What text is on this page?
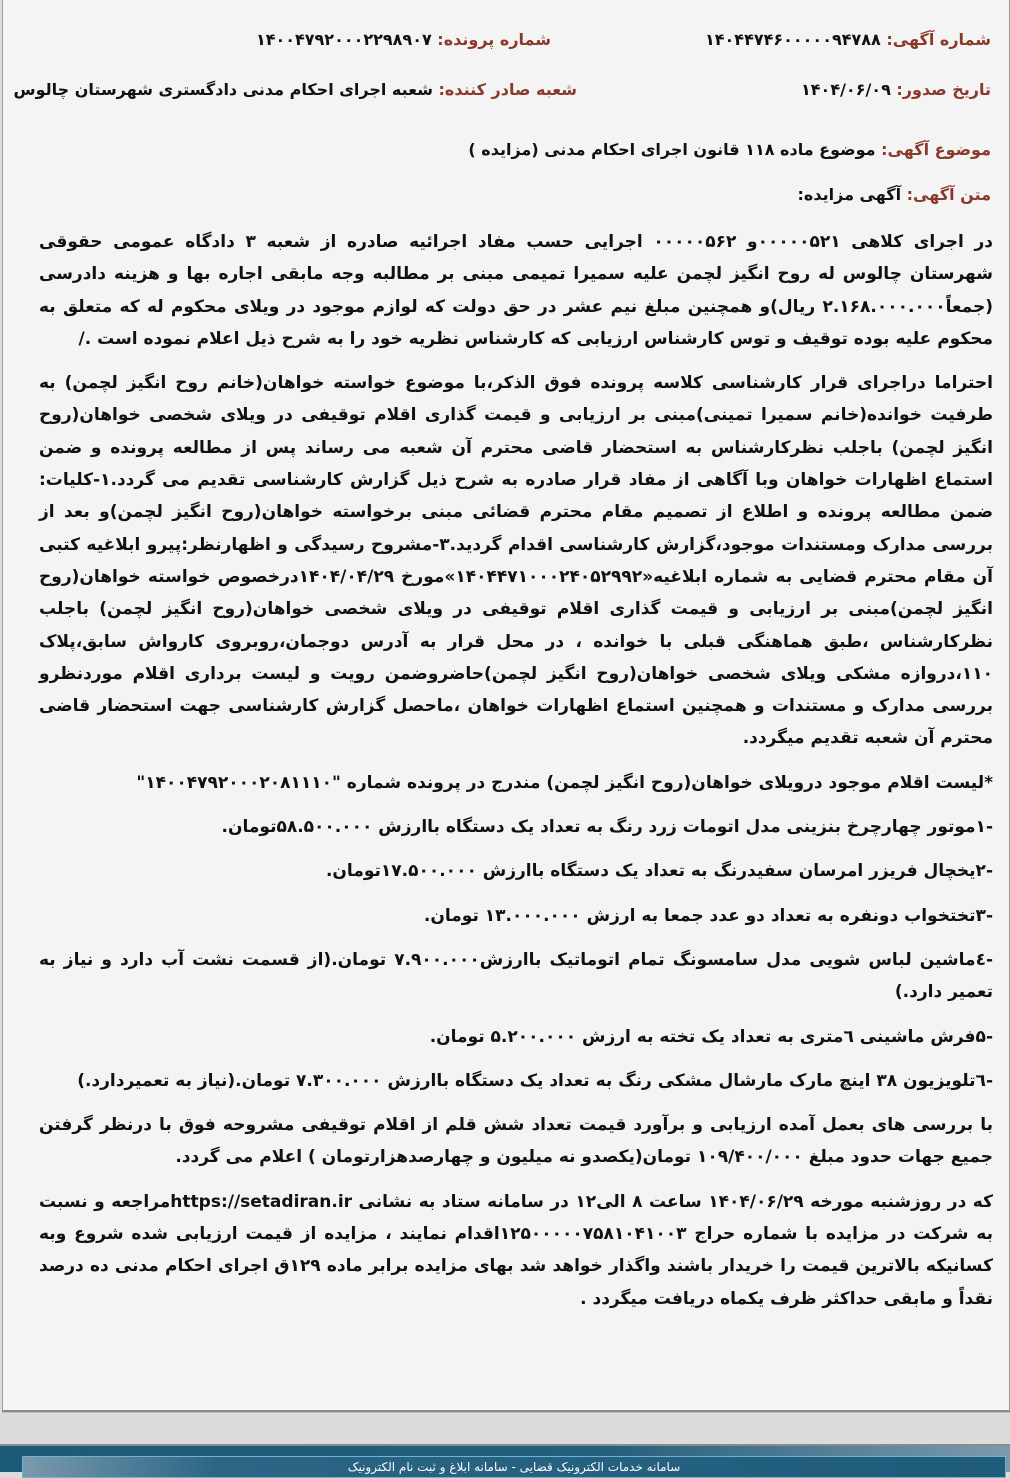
شماره آگهی: ۱۴۰۴۴۷۴۶۰۰۰۰۰۹۴۷۸۸
شماره پرونده: ۱۴۰۰۴۷۹۲۰۰۰۲۲۹۸۹۰۷
تاریخ صدور: ۱۴۰۴/۰۶/۰۹
شعبه صادر کننده: شعبه اجرای احکام مدنی دادگستری شهرستان چالوس
موضوع آگهی: موضوع ماده ۱۱۸ قانون اجرای احکام مدنی (مزایده )
متن آگهی: آگهی مزایده:

در اجرای کلاهی ۰۰۰۰۰۵۲۱و ۰۰۰۰۰۵۶۲ اجرایی حسب مفاد اجرائیه صادره از شعبه ۳ دادگاه عمومی حقوقی شهرستان چالوس له روح انگیز لچمن علیه سمیرا تمیمی مبنی بر مطالبه وجه مابقی اجاره بها و هزینه دادرسی (جمعاً۲.۱۶۸.۰۰۰.۰۰۰ ریال)و همچنین مبلغ نیم عشر در حق دولت که لوازم موجود در ویلای محکوم له که متعلق به محکوم علیه بوده توقیف و توس کارشناس ارزیابی که کارشناس نظریه خود را به شرح ذیل اعلام نموده است ./

احتراما دراجرای قرار کارشناسی کلاسه پرونده فوق الذکر،با موضوع خواسته خواهان(خانم روح انگیز لچمن) به طرفیت خوانده(خانم سمیرا تمینی)مبنی بر ارزیابی و قیمت گذاری اقلام توقیفی در ویلای شخصی خواهان(روح انگیز لچمن) باجلب نظرکارشناس به استحضار قاضی محترم آن شعبه می رساند پس از مطالعه پرونده و ضمن استماع اظهارات خواهان وبا آگاهی از مفاد قرار صادره به شرح ذیل گزارش کارشناسی تقدیم می گردد.۱-کلیات: ضمن مطالعه پرونده و اطلاع از تصمیم مقام محترم قضائی مبنی برخواسته خواهان(روح انگیز لچمن)و بعد از بررسی مدارک ومستندات موجود،گزارش کارشناسی اقدام گردید.۳-مشروح رسیدگی و اظهارنظر:پیرو ابلاغیه کتبی آن مقام محترم قضایی به شماره ابلاغیه«۱۴۰۴۴۷۱۰۰۰۲۴۰۵۲۹۹۲»مورخ ۱۴۰۴/۰۴/۲۹درخصوص خواسته خواهان(روح انگیز لچمن)مبنی بر ارزیابی و قیمت گذاری اقلام توقیفی در ویلای شخصی خواهان(روح انگیز لچمن) باجلب نظرکارشناس ،طبق هماهنگی قبلی با خوانده ، در محل قرار به آدرس دوجمان،روبروی کارواش سابق،پلاک ۱۱۰،دروازه مشکی ویلای شخصی خواهان(روح انگیز لچمن)حاضروضمن رویت و لیست برداری اقلام موردنظرو بررسی مدارک و مستندات و همچنین استماع اظهارات خواهان ،ماحصل گزارش کارشناسی جهت استحضار قاضی محترم آن شعبه تقدیم میگردد.

*لیست اقلام موجود درویلای خواهان(روح انگیز لچمن) مندرج در پرونده شماره "۱۴۰۰۴۷۹۲۰۰۰۲۰۸۱۱۱۰"

-۱موتور چهارچرخ بنزینی مدل اتومات زرد رنگ به تعداد یک دستگاه باارزش ۵۸.۵۰۰.۰۰۰تومان.

-۲یخچال فریزر امرسان سفیدرنگ به تعداد یک دستگاه باارزش ۱۷.۵۰۰.۰۰۰تومان.

-۳تختخواب دونفره به تعداد دو عدد جمعا به ارزش ۱۳.۰۰۰.۰۰۰ تومان.

-٤ماشین لباس شویی مدل سامسونگ تمام اتوماتیک باارزش۷.۹۰۰.۰۰۰ تومان.(از قسمت نشت آب دارد و نیاز به تعمیر دارد.)

-۵فرش ماشینی ٦متری به تعداد یک تخته به ارزش ۵.۲۰۰.۰۰۰ تومان.

-٦تلویزیون ۳۸ اینچ مارک مارشال مشکی رنگ به تعداد یک دستگاه باارزش ۷.۳۰۰.۰۰۰ تومان.(نیاز به تعمیردارد.)

با بررسی های بعمل آمده ارزیابی و برآورد قیمت تعداد شش قلم از اقلام توقیفی مشروحه فوق با درنظر گرفتن جمیع جهات حدود مبلغ ۱۰۹/۴۰۰/۰۰۰ تومان(یکصدو نه میلیون و چهارصدهزارتومان ) اعلام می گردد.

که در روزشنبه مورخه ۱۴۰۴/۰۶/۲۹ ساعت ۸ الی۱۲ در سامانه ستاد به نشانی https://setadiran.irمراجعه و نسبت به شرکت در مزایده با شماره حراج ۱۲۵۰۰۰۰۰۷۵۸۱۰۴۱۰۰۳اقدام نمایند ، مزایده از قیمت ارزیابی شده شروع وبه کسانیکه بالاترین قیمت را خریدار باشند واگذار خواهد شد بهای مزایده برابر ماده ۱۲۹ق اجرای احکام مدنی ده درصد نقداً و مابقی حداکثر ظرف یکماه دریافت میگردد .

سامانه خدمات الکترونیک قضایی - سامانه ابلاغ و ثبت نام الکترونیک
